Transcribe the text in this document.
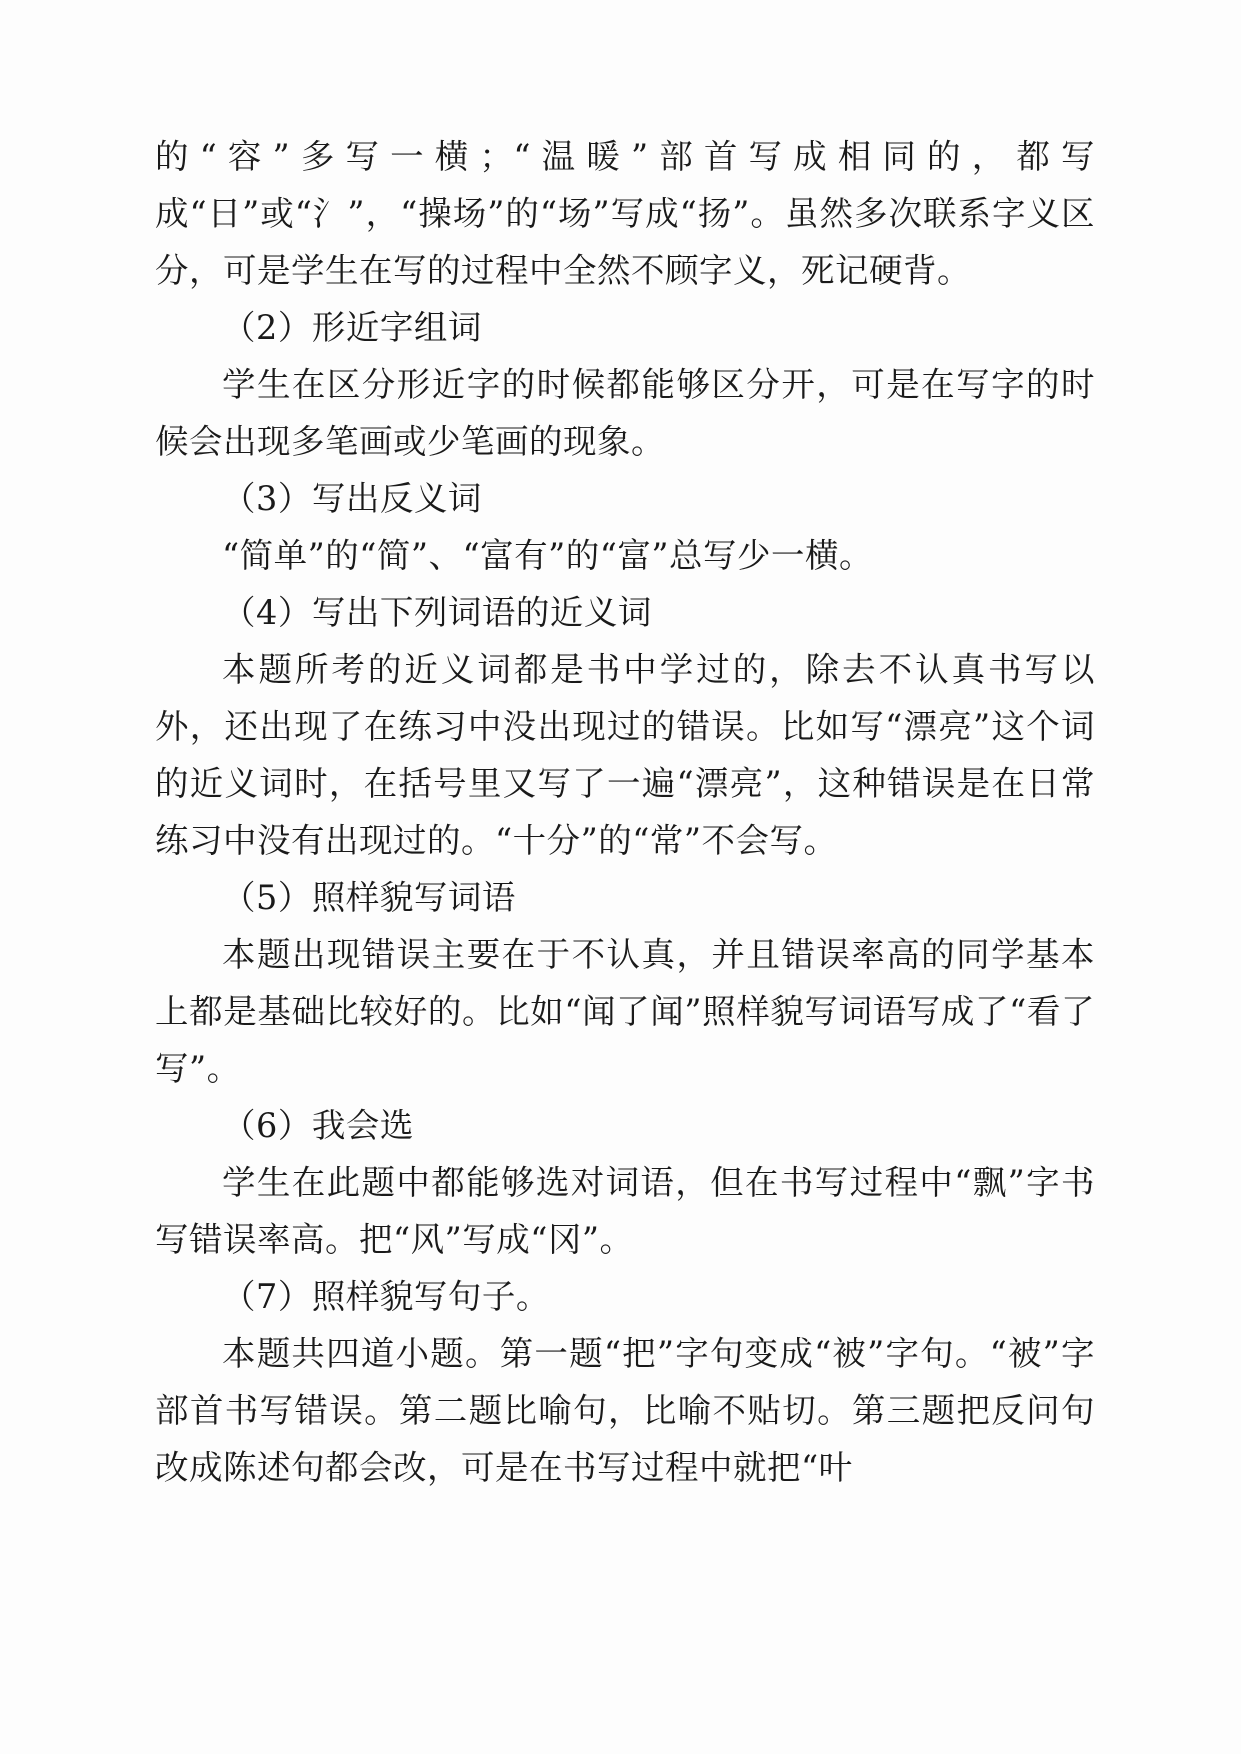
的“容”多写一横；“温暖”部首写成相同的，都写成“日”或“氵”，“操场”的“场”写成“扬”。虽然多次联系字义区分，可是学生在写的过程中全然不顾字义，死记硬背。

（2）形近字组词

学生在区分形近字的时候都能够区分开，可是在写字的时候会出现多笔画或少笔画的现象。

（3）写出反义词

“简单”的“简”、“富有”的“富”总写少一横。

（4）写出下列词语的近义词

本题所考的近义词都是书中学过的，除去不认真书写以外，还出现了在练习中没出现过的错误。比如写“漂亮”这个词的近义词时，在括号里又写了一遍“漂亮”，这种错误是在日常练习中没有出现过的。“十分”的“常”不会写。

（5）照样貌写词语

本题出现错误主要在于不认真，并且错误率高的同学基本上都是基础比较好的。比如“闻了闻”照样貌写词语写成了“看了写”。

（6）我会选

学生在此题中都能够选对词语，但在书写过程中“飘”字书写错误率高。把“风”写成“冈”。

（7）照样貌写句子。

本题共四道小题。第一题“把”字句变成“被”字句。“被”字部首书写错误。第二题比喻句，比喻不贴切。第三题把反问句改成陈述句都会改，可是在书写过程中就把“叶
